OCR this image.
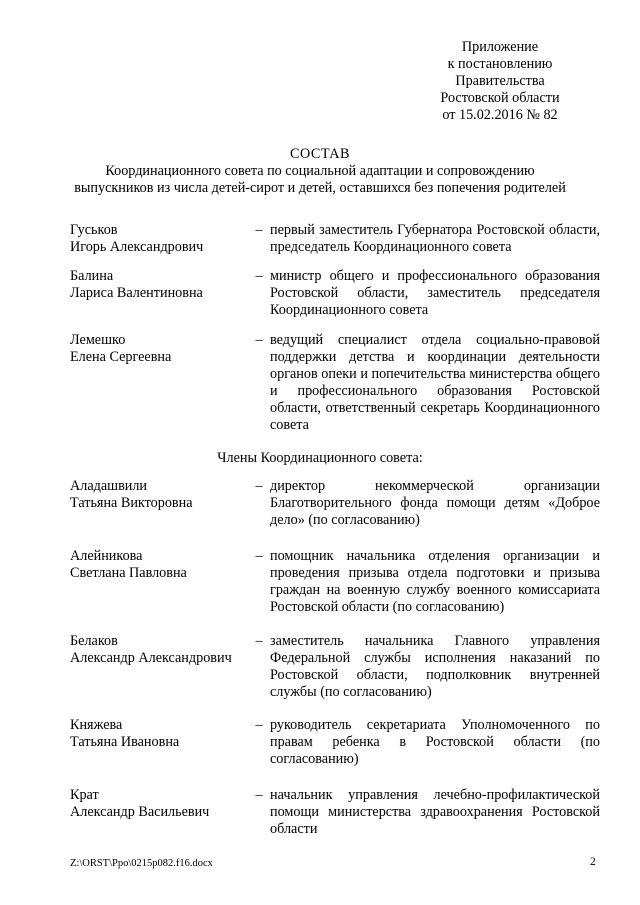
Приложение
к постановлению
Правительства
Ростовской области
от 15.02.2016 № 82
СОСТАВ
Координационного совета по социальной адаптации и сопровождению
выпускников из числа детей-сирот и детей, оставшихся без попечения родителей
Гуськов
Игорь Александрович
– первый заместитель Губернатора Ростовской области, председатель Координационного совета
Балина
Лариса Валентиновна
– министр общего и профессионального образования Ростовской области, заместитель председателя Координационного совета
Лемешко
Елена Сергеевна
– ведущий специалист отдела социально-правовой поддержки детства и координации деятельности органов опеки и попечительства министерства общего и профессионального образования Ростовской области, ответственный секретарь Координационного совета
Члены Координационного совета:
Аладашвили
Татьяна Викторовна
– директор некоммерческой организации Благотворительного фонда помощи детям «Доброе дело» (по согласованию)
Алейникова
Светлана Павловна
– помощник начальника отделения организации и проведения призыва отдела подготовки и призыва граждан на военную службу военного комиссариата Ростовской области (по согласованию)
Белаков
Александр Александрович
– заместитель начальника Главного управления Федеральной службы исполнения наказаний по Ростовской области, подполковник внутренней службы (по согласованию)
Княжева
Татьяна Ивановна
– руководитель секретариата Уполномоченного по правам ребенка в Ростовской области (по согласованию)
Крат
Александр Васильевич
– начальник управления лечебно-профилактической помощи министерства здравоохранения Ростовской области
Z:\ORST\Ppo\0215p082.f16.docx	2
